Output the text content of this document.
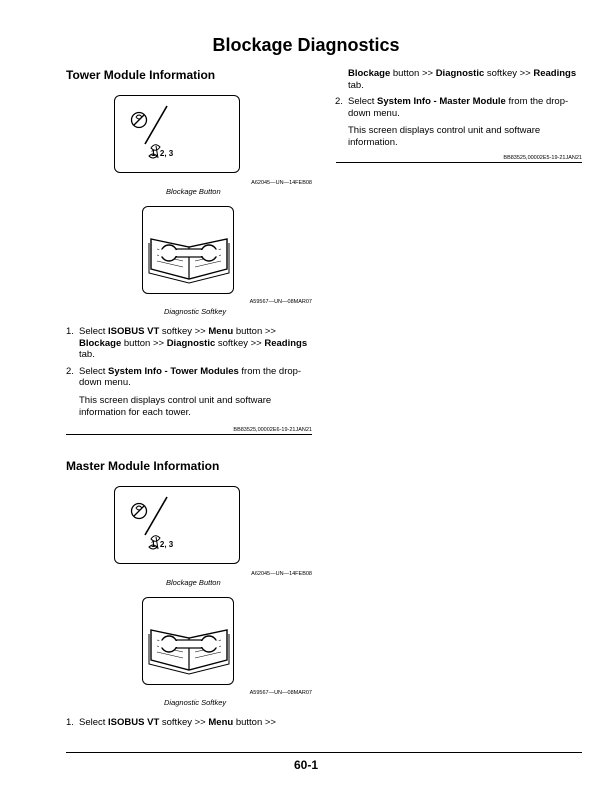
Blockage Diagnostics
Tower Module Information
1, 2, 3
A62045—UN—14FEB08
Blockage Button
A59567—UN—08MAR07
Diagnostic Softkey
1. Select ISOBUS VT softkey >> Menu button >> Blockage button >> Diagnostic softkey >> Readings tab.
2. Select System Info - Tower Modules from the drop-down menu.

This screen displays control unit and software information for each tower.

BB83525,00002E6-19-21JAN21
Master Module Information
1, 2, 3
A62045—UN—14FEB08
Blockage Button
A59567—UN—08MAR07
Diagnostic Softkey
1. Select ISOBUS VT softkey >> Menu button >>
Blockage button >> Diagnostic softkey >> Readings tab.
2. Select System Info - Master Module from the drop-down menu.

This screen displays control unit and software information.

BB83525,00002E5-19-21JAN21
60-1
